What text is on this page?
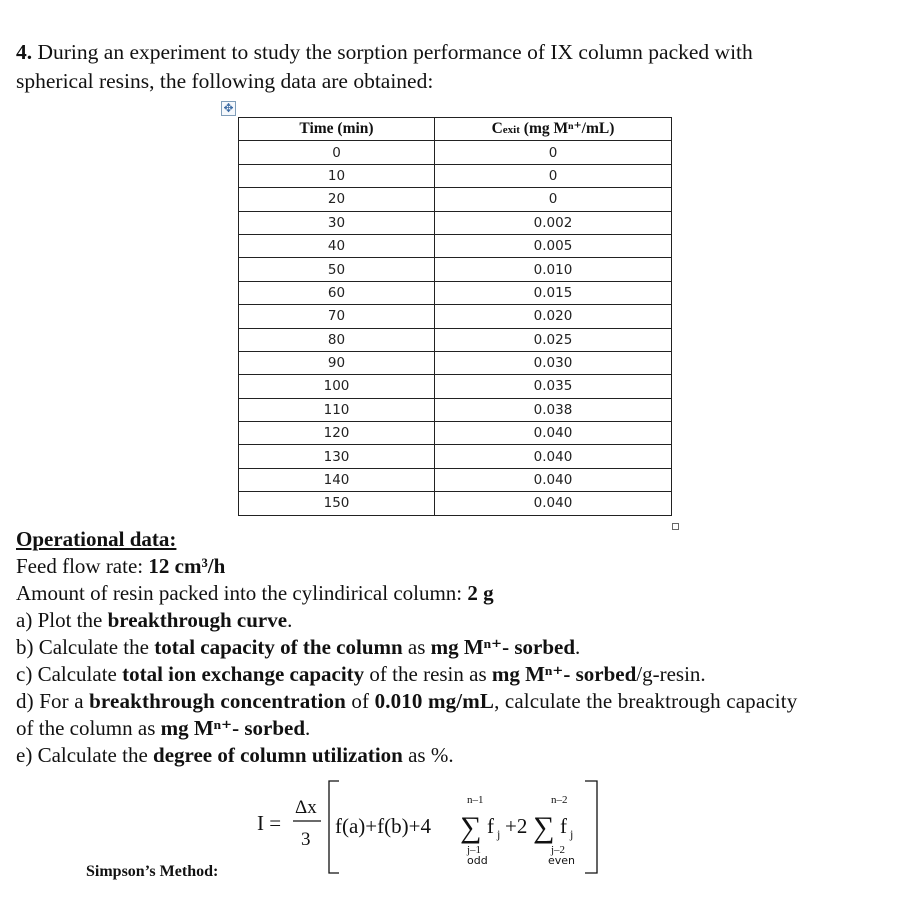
4. During an experiment to study the sorption performance of IX column packed with
spherical resins, the following data are obtained:
✥
Time (min)	Cexit (mg Mⁿ⁺/mL)
0	0
10	0
20	0
30	0.002
40	0.005
50	0.010
60	0.015
70	0.020
80	0.025
90	0.030
100	0.035
110	0.038
120	0.040
130	0.040
140	0.040
150	0.040
Operational data:
Feed flow rate: 12 cm³/h
Amount of resin packed into the cylindirical column: 2 g
a) Plot the breakthrough curve.
b) Calculate the total capacity of the column as mg Mⁿ⁺- sorbed.
c) Calculate total ion exchange capacity of the resin as mg Mⁿ⁺- sorbed/g-resin.
d) For a breakthrough concentration of 0.010 mg/mL, calculate the breaktrough capacity
of the column as mg Mⁿ⁺- sorbed.
e) Calculate the degree of column utilization as %.
I =
Δx
3
f(a)+f(b)+4 ∑
n–1
j–1
odd
f j +2 ∑
n–2
j–2
even
f j
Simpson’s Method:
